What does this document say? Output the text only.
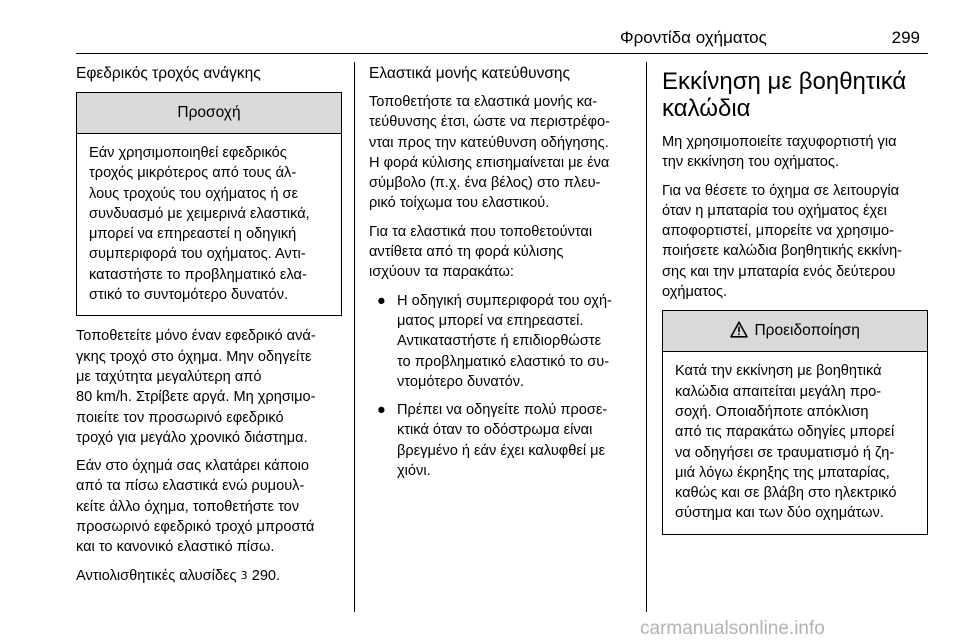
Φροντίδα οχήματος	299
Εφεδρικός τροχός ανάγκης
Προσοχή
Εάν χρησιμοποιηθεί εφεδρικός
τροχός μικρότερος από τους άλ-
λους τροχούς του οχήματος ή σε
συνδυασμό με χειμερινά ελαστικά,
μπορεί να επηρεαστεί η οδηγική
συμπεριφορά του οχήματος. Αντι-
καταστήστε το προβληματικό ελα-
στικό το συντομότερο δυνατόν.

Τοποθετείτε μόνο έναν εφεδρικό ανά-
γκης τροχό στο όχημα. Μην οδηγείτε
με ταχύτητα μεγαλύτερη από
80 km/h. Στρίβετε αργά. Μη χρησιμο-
ποιείτε τον προσωρινό εφεδρικό
τροχό για μεγάλο χρονικό διάστημα.

Εάν στο όχημά σας κλατάρει κάποιο
από τα πίσω ελαστικά ενώ ρυμουλ-
κείτε άλλο όχημα, τοποθετήστε τον
προσωρινό εφεδρικό τροχό μπροστά
και το κανονικό ελαστικό πίσω.

Αντιολισθητικές αλυσίδες 3 290.

Ελαστικά μονής κατεύθυνσης

Τοποθετήστε τα ελαστικά μονής κα-
τεύθυνσης έτσι, ώστε να περιστρέφο-
νται προς την κατεύθυνση οδήγησης.
Η φορά κύλισης επισημαίνεται με ένα
σύμβολο (π.χ. ένα βέλος) στο πλευ-
ρικό τοίχωμα του ελαστικού.

Για τα ελαστικά που τοποθετούνται
αντίθετα από τη φορά κύλισης
ισχύουν τα παρακάτω:

● Η οδηγική συμπεριφορά του οχή-
ματος μπορεί να επηρεαστεί.
Αντικαταστήστε ή επιδιορθώστε
το προβληματικό ελαστικό το συ-
ντομότερο δυνατόν.
● Πρέπει να οδηγείτε πολύ προσε-
κτικά όταν το οδόστρωμα είναι
βρεγμένο ή εάν έχει καλυφθεί με
χιόνι.
Εκκίνηση με βοηθητικά
καλώδια

Μη χρησιμοποιείτε ταχυφορτιστή για
την εκκίνηση του οχήματος.

Για να θέσετε το όχημα σε λειτουργία
όταν η μπαταρία του οχήματος έχει
αποφορτιστεί, μπορείτε να χρησιμο-
ποιήσετε καλώδια βοηθητικής εκκίνη-
σης και την μπαταρία ενός δεύτερου
οχήματος.

Προειδοποίηση
Κατά την εκκίνηση με βοηθητικά
καλώδια απαιτείται μεγάλη προ-
σοχή. Οποιαδήποτε απόκλιση
από τις παρακάτω οδηγίες μπορεί
να οδηγήσει σε τραυματισμό ή ζη-
μιά λόγω έκρηξης της μπαταρίας,
καθώς και σε βλάβη στο ηλεκτρικό
σύστημα και των δύο οχημάτων.
carmanualsonline.info
